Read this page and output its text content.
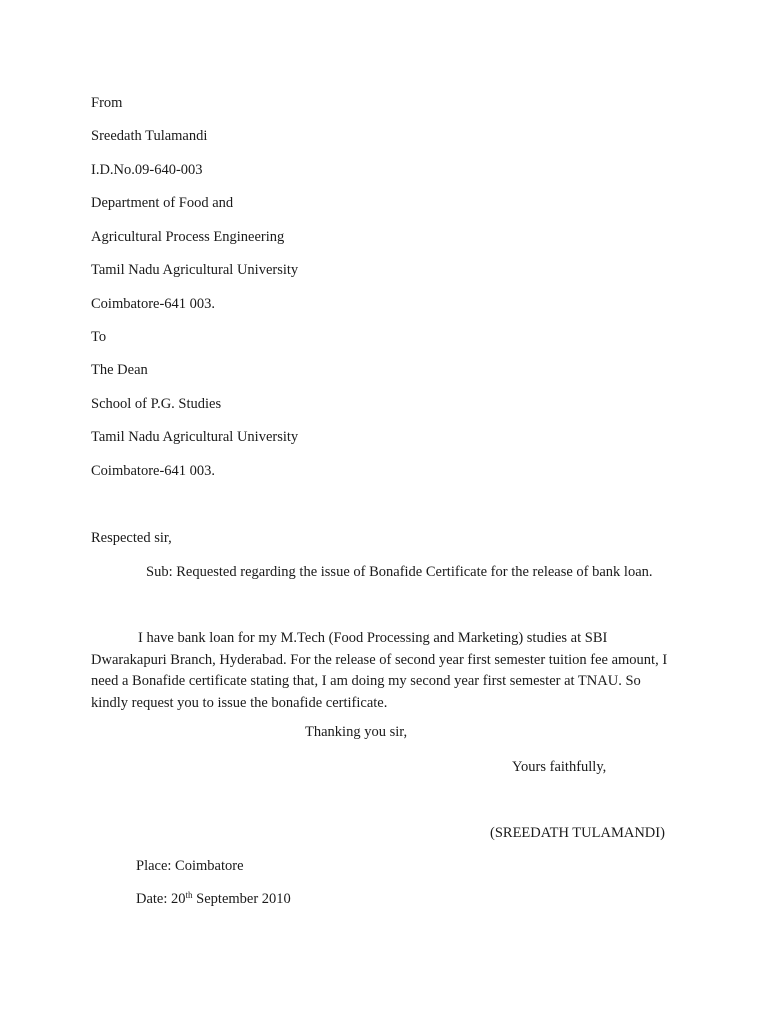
From
Sreedath Tulamandi
I.D.No.09-640-003
Department of Food and
Agricultural Process Engineering
Tamil Nadu Agricultural University
Coimbatore-641 003.
To
The Dean
School of P.G. Studies
Tamil Nadu Agricultural University
Coimbatore-641 003.
Respected sir,
Sub: Requested regarding the issue of Bonafide Certificate for the release of bank loan.
I have bank loan for my M.Tech (Food Processing and Marketing) studies at SBI Dwarakapuri Branch, Hyderabad. For the release of second year first semester tuition fee amount, I need a Bonafide certificate stating that, I am doing my second year first semester at TNAU. So kindly request you to issue the bonafide certificate.
Thanking you sir,
Yours faithfully,
(SREEDATH TULAMANDI)
Place: Coimbatore
Date: 20th September 2010
